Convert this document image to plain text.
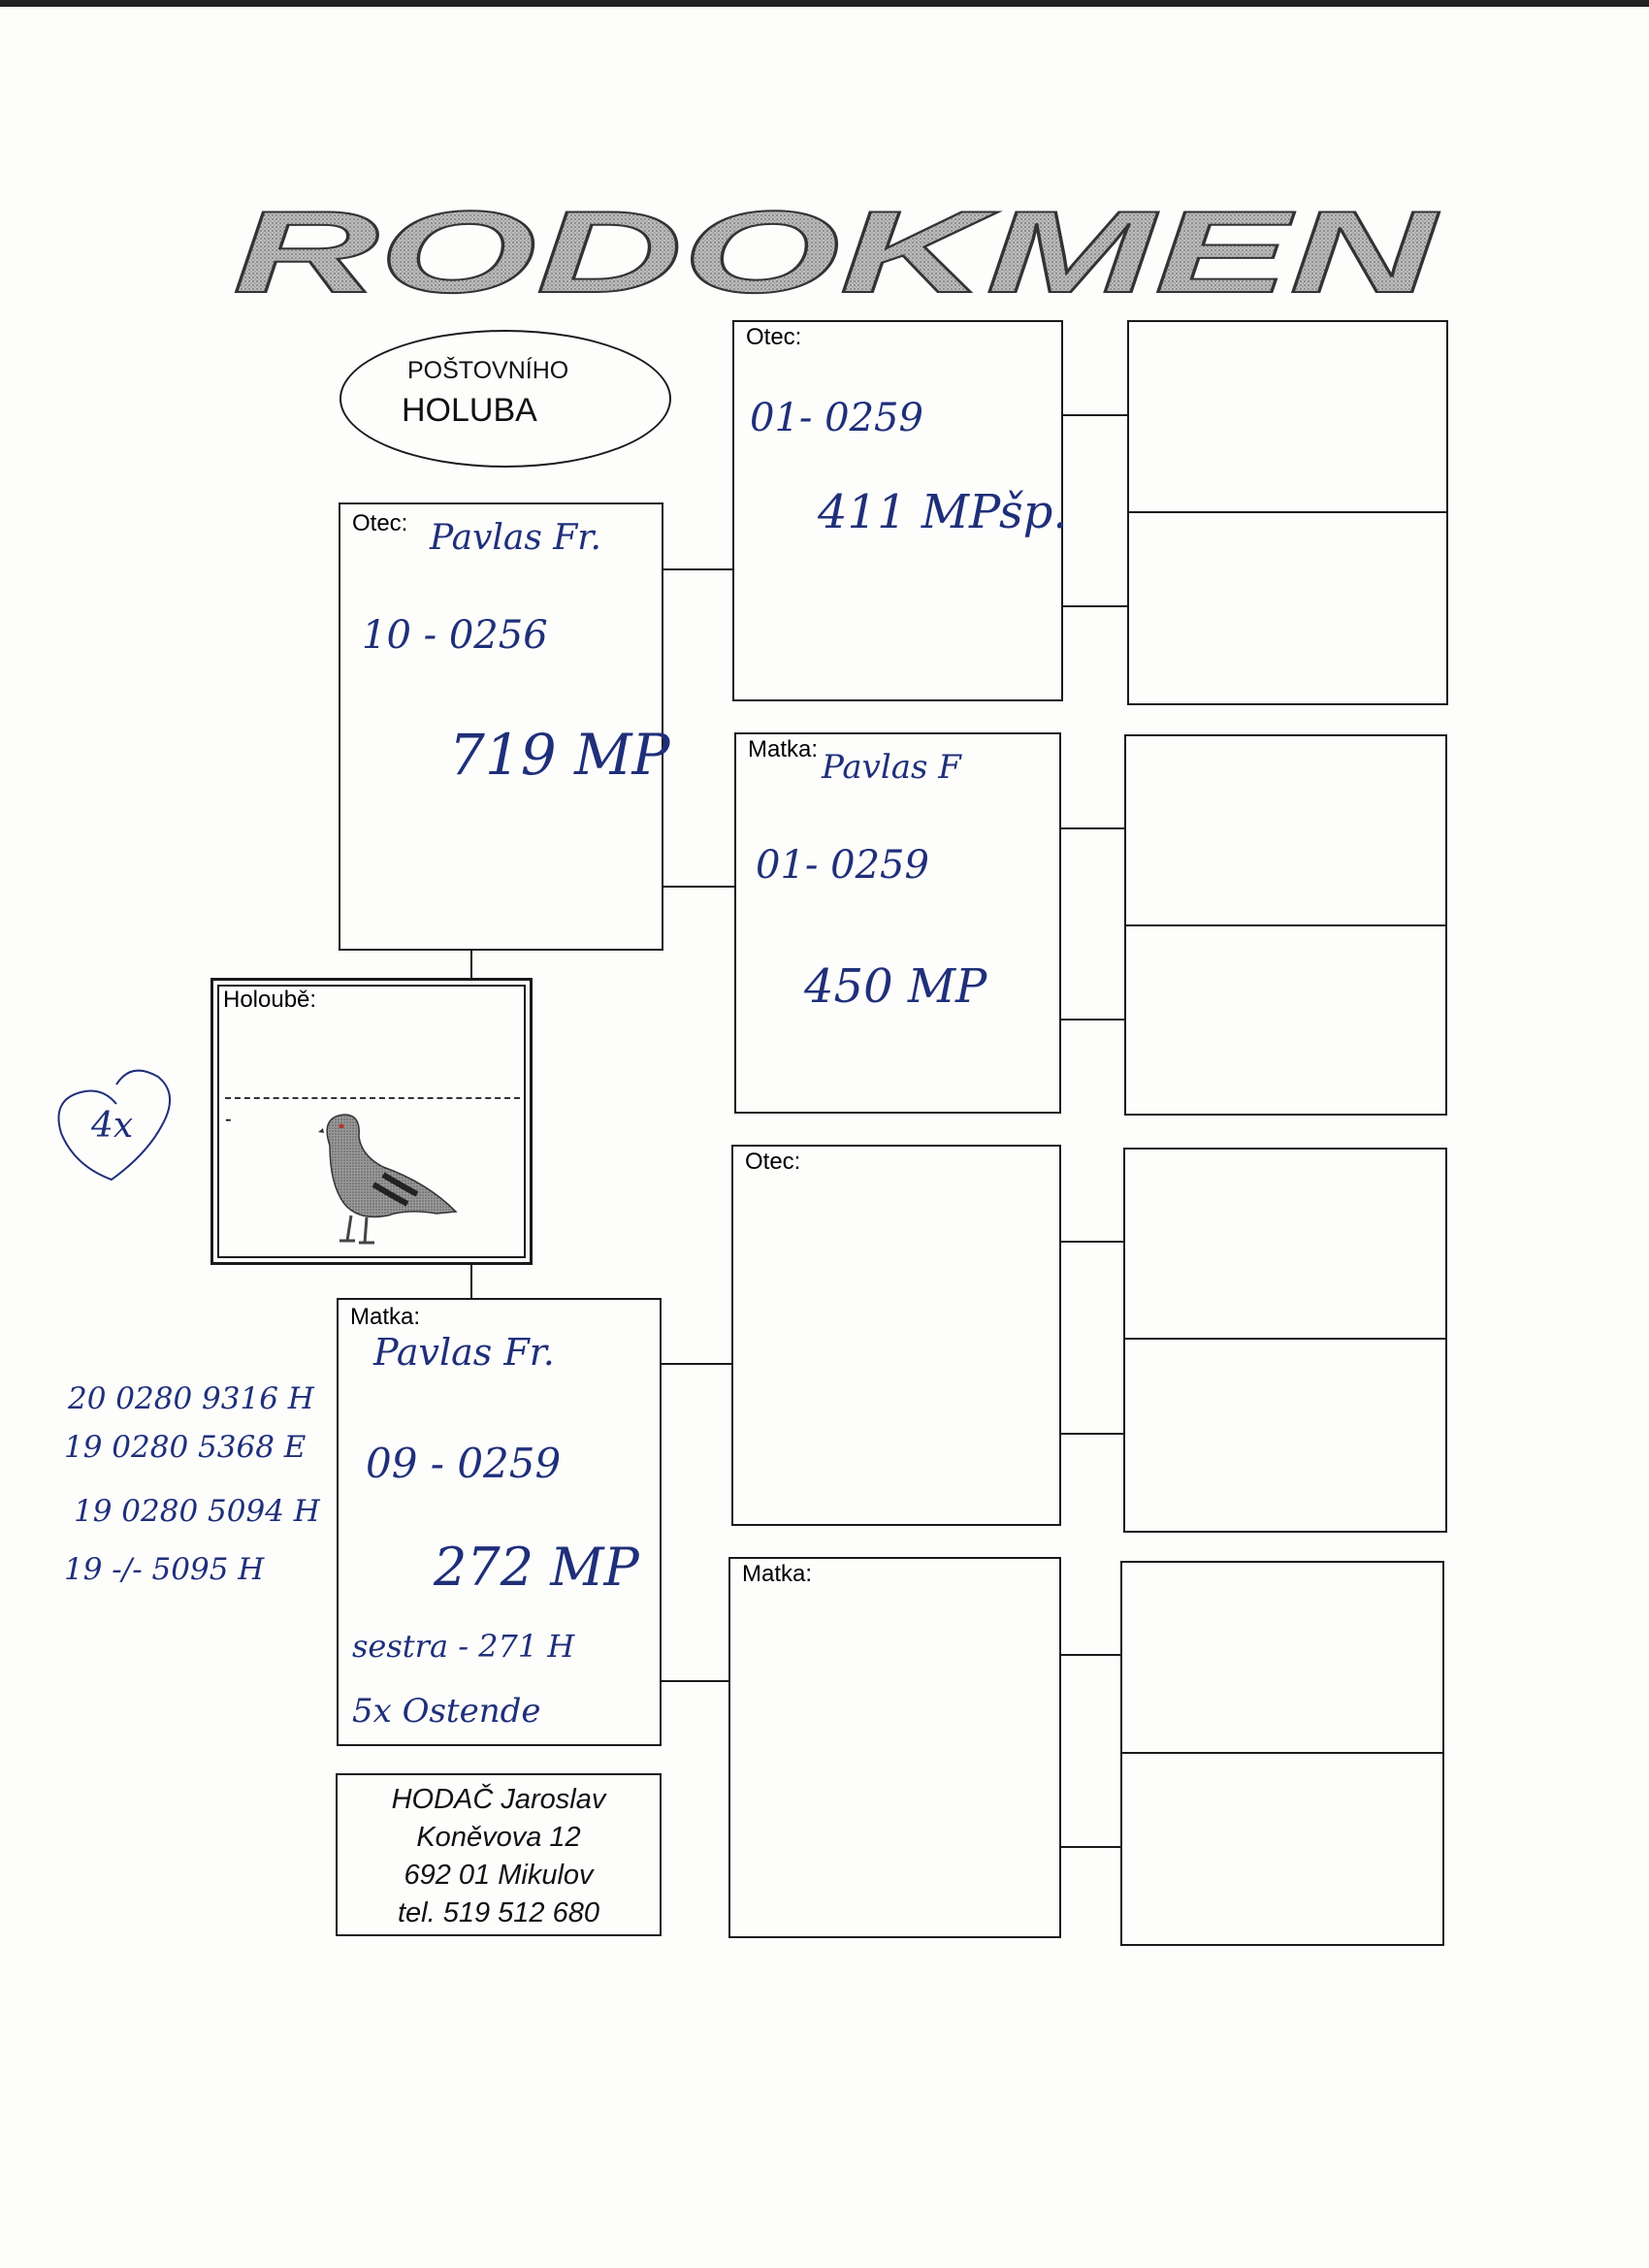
RODOKMEN
POŠTOVNÍHO
HOLUBA
Otec: Pavlas Fr.
10 - 0256
719 MP
Holoubě:
-
4x
Matka:
Pavlas Fr.
09 - 0259
272 MP
sestra - 271 H
5x Ostende
20 0280 9316 H
19 0280 5368 E
19 0280 5094 H
19 -/- 5095 H
HODAČ Jaroslav
Koněvova 12
692 01 Mikulov
tel. 519 512 680
Otec:
01- 0259
411 MPšp.
Matka: Pavlas F
01- 0259
450 MP
Otec:
Matka:
